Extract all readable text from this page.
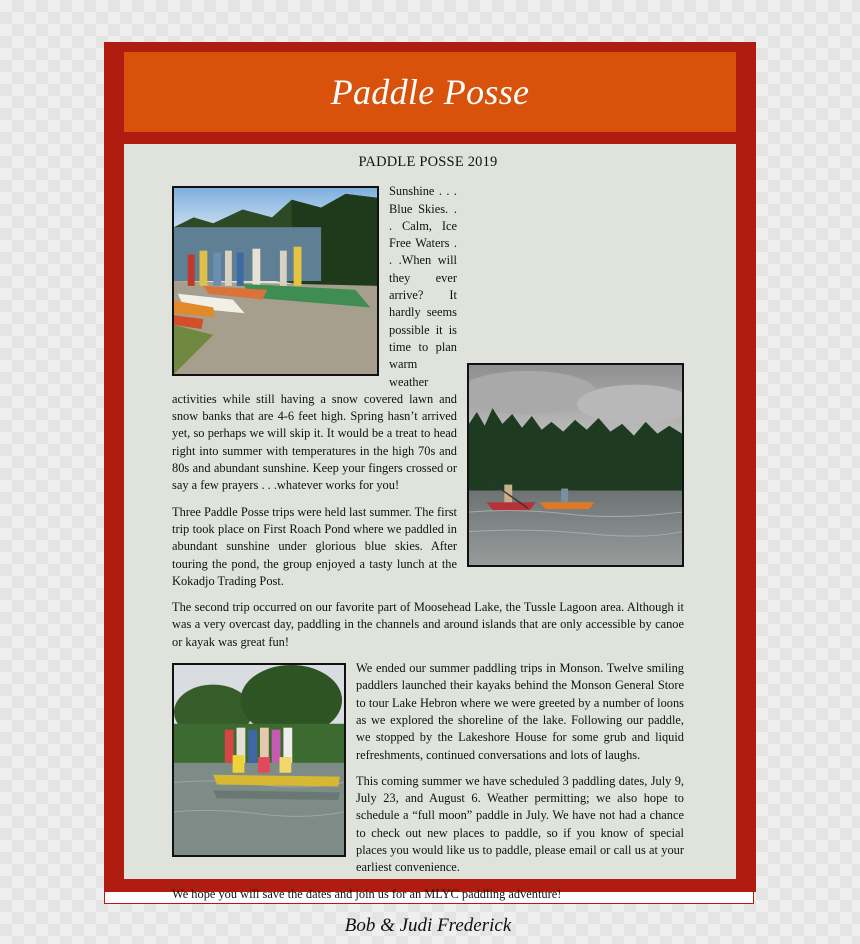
Paddle Posse
PADDLE POSSE 2019

Sunshine . . . Blue Skies. . . Calm, Ice Free Waters . . .When will they ever arrive? It hardly seems possible it is time to plan warm weather activities while still having a snow covered lawn and snow banks that are 4-6 feet high. Spring hasn’t arrived yet, so perhaps we will skip it. It would be a treat to head right into summer with temperatures in the high 70s and 80s and abundant sunshine. Keep your fingers crossed or say a few prayers . . .whatever works for you!

Three Paddle Posse trips were held last summer. The first trip took place on First Roach Pond where we paddled in abundant sunshine under glorious blue skies. After touring the pond, the group enjoyed a tasty lunch at the Kokadjo Trading Post.

The second trip occurred on our favorite part of Moosehead Lake, the Tussle Lagoon area. Although it was a very overcast day, paddling in the channels and around islands that are only accessible by canoe or kayak was great fun!

We ended our summer paddling trips in Monson. Twelve smiling paddlers launched their kayaks behind the Monson General Store to tour Lake Hebron where we were greeted by a number of loons as we explored the shoreline of the lake. Following our paddle, we stopped by the Lakeshore House for some grub and liquid refreshments, continued conversations and lots of laughs.

This coming summer we have scheduled 3 paddling dates, July 9, July 23, and August 6. Weather permitting; we also hope to schedule a “full moon” paddle in July. We have not had a chance to check out new places to paddle, so if you know of special places you would like us to paddle, please email or call us at your earliest convenience.

We hope you will save the dates and join us for an MLYC paddling adventure!

Bob & Judi Frederick
